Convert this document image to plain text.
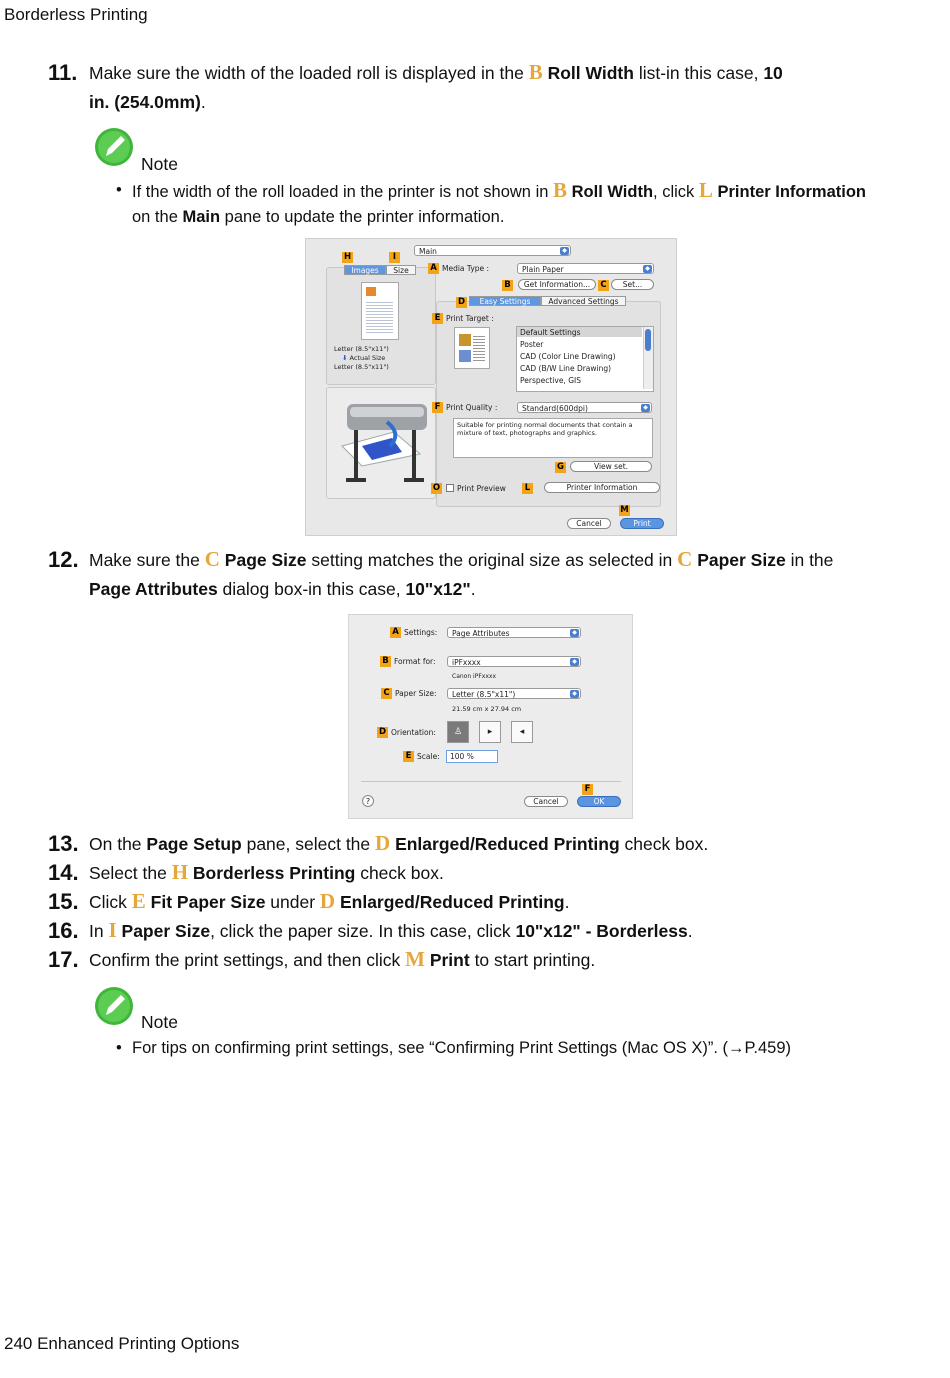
Borderless Printing
11. Make sure the width of the loaded roll is displayed in the B Roll Width list-in this case, 10
in. (254.0mm).
Note
• If the width of the roll loaded in the printer is not shown in B Roll Width, click L Printer Information
on the Main pane to update the printer information.
Main	◆
H	I
Images	Size
Letter (8.5"x11")
⬇ Actual Size
Letter (8.5"x11")
A Media Type :	Plain Paper	◆
B	Get Information...	C	Set...
D	Easy Settings	Advanced Settings
E Print Target :
Default Settings
Poster
CAD (Color Line Drawing)
CAD (B/W Line Drawing)
Perspective, GIS
F Print Quality :	Standard(600dpi)	◆
Suitable for printing normal documents that contain a mixture of text, photographs and graphics.
G	View set.
O Print Preview	L	Printer Information
M
Cancel	Print
12. Make sure the C Page Size setting matches the original size as selected in C Paper Size in the
Page Attributes dialog box-in this case, 10"x12".
A Settings:	Page Attributes	◆
B Format for:	iPFxxxx	◆
Canon iPFxxxx
C Paper Size:	Letter (8.5"x11")	◆
21.59 cm x 27.94 cm
D Orientation:	♙	▸	◂
E Scale:	100 %
F
?	Cancel	OK
13. On the Page Setup pane, select the D Enlarged/Reduced Printing check box.
14. Select the H Borderless Printing check box.
15. Click E Fit Paper Size under D Enlarged/Reduced Printing.
16. In I Paper Size, click the paper size. In this case, click 10"x12" - Borderless.
17. Confirm the print settings, and then click M Print to start printing.
Note
• For tips on confirming print settings, see “Confirming Print Settings (Mac OS X)”. (→P.459)
240 Enhanced Printing Options
